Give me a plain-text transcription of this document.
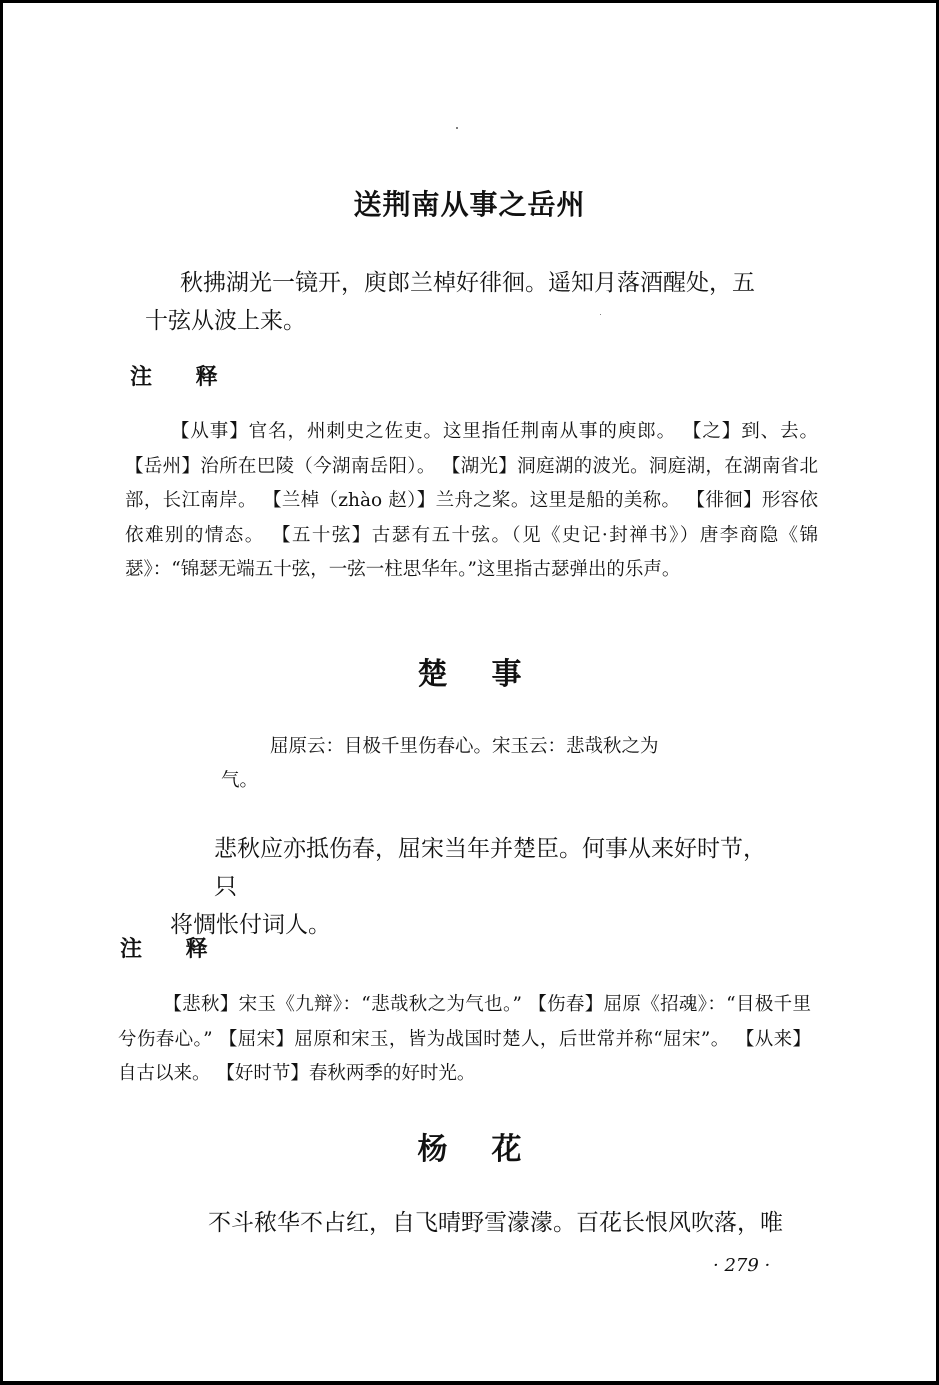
送荆南从事之岳州
秋拂湖光一镜开，庾郎兰棹好徘徊。遥知月落酒醒处，五
十弦从波上来。
注 释

【从事】官名，州刺史之佐吏。这里指任荆南从事的庾郎。 【之】到、去。 【岳州】治所在巴陵（今湖南岳阳）。 【湖光】洞庭湖的波光。洞庭湖，在湖南省北部，长江南岸。 【兰棹（zhào 赵）】兰舟之桨。这里是船的美称。 【徘徊】形容依依难别的情态。 【五十弦】古瑟有五十弦。（见《史记·封禅书》）唐李商隐《锦瑟》：“锦瑟无端五十弦，一弦一柱思华年。”这里指古瑟弹出的乐声。

楚事
屈原云：目极千里伤春心。宋玉云：悲哉秋之为
气。
悲秋应亦抵伤春，屈宋当年并楚臣。何事从来好时节，只
将惆怅付词人。
注 释

【悲秋】宋玉《九辩》：“悲哉秋之为气也。” 【伤春】屈原《招魂》：“目极千里兮伤春心。” 【屈宋】屈原和宋玉，皆为战国时楚人，后世常并称“屈宋”。 【从来】自古以来。 【好时节】春秋两季的好时光。

杨花
不斗秾华不占红，自飞晴野雪濛濛。百花长恨风吹落，唯
· 279 ·
